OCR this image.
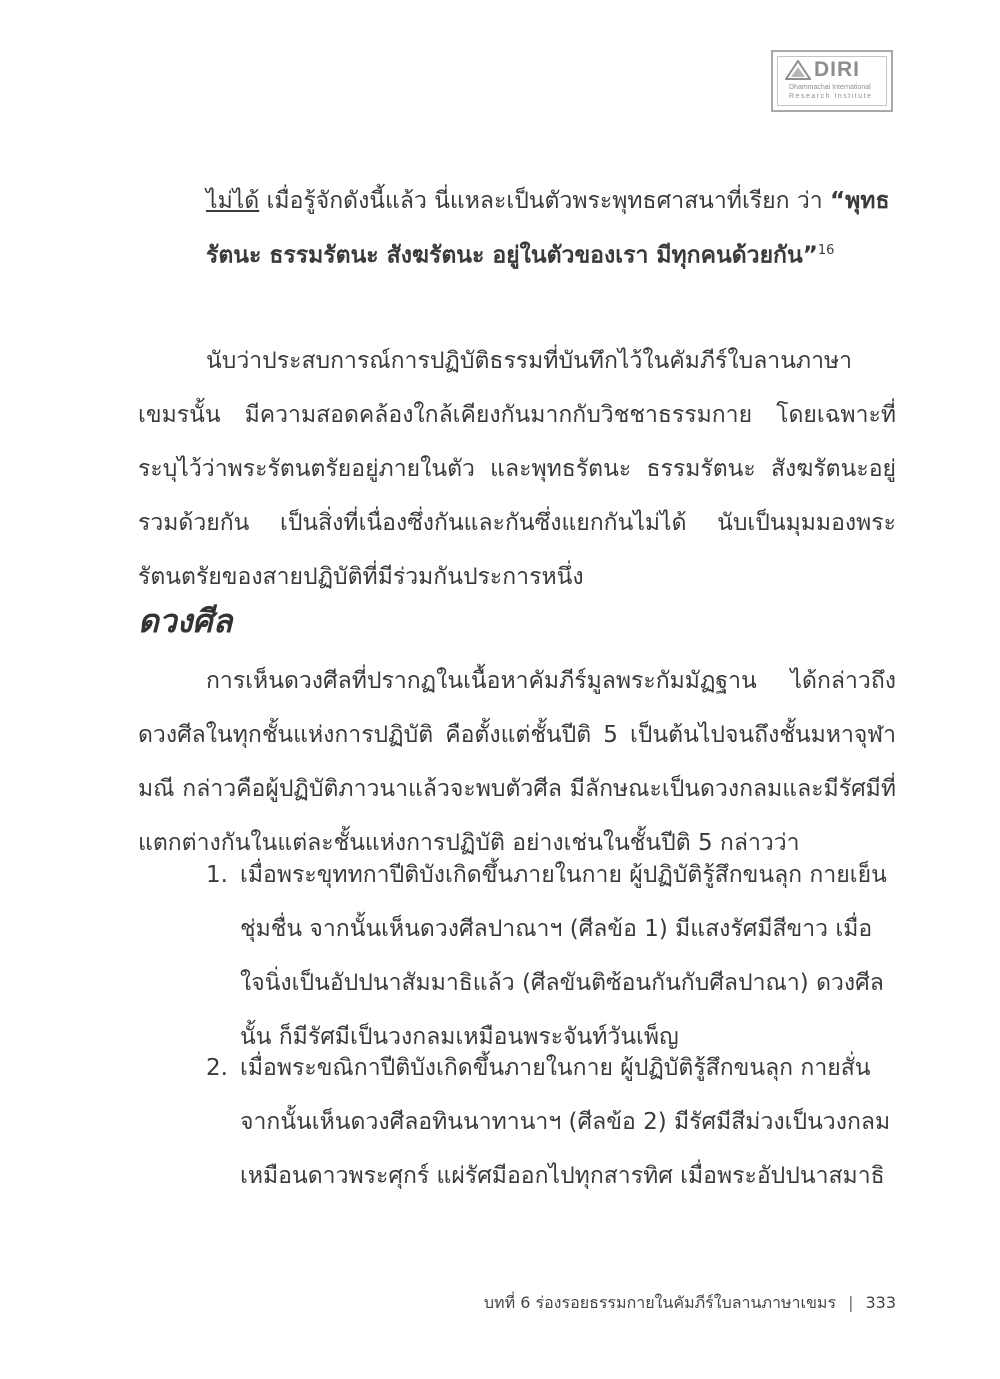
DIRI
Dhammachai International
Research Institute

ไม่ได้ เมื่อรู้จักดังนี้แล้ว นี่แหละเป็นตัวพระพุทธศาสนาที่เรียก ว่า “พุทธรัตนะ ธรรมรัตนะ สังฆรัตนะ อยู่ในตัวของเรา มีทุกคนด้วยกัน”$^{16}$

นับว่าประสบการณ์การปฏิบัติธรรมที่บันทึกไว้ในคัมภีร์ใบลานภาษาเขมรนั้น มีความสอดคล้องใกล้เคียงกันมากกับวิชชาธรรมกาย โดยเฉพาะที่ระบุไว้ว่าพระรัตนตรัยอยู่ภายในตัว และพุทธรัตนะ ธรรมรัตนะ สังฆรัตนะอยู่รวมด้วยกัน เป็นสิ่งที่เนื่องซึ่งกันและกันซึ่งแยกกันไม่ได้ นับเป็นมุมมองพระรัตนตรัยของสายปฏิบัติที่มีร่วมกันประการหนึ่ง

ดวงศีล

การเห็นดวงศีลที่ปรากฏในเนื้อหาคัมภีร์มูลพระกัมมัฏฐาน ได้กล่าวถึงดวงศีลในทุกชั้นแห่งการปฏิบัติ คือตั้งแต่ชั้นปีติ 5 เป็นต้นไปจนถึงชั้นมหาจุฬามณี กล่าวคือผู้ปฏิบัติภาวนาแล้วจะพบตัวศีล มีลักษณะเป็นดวงกลมและมีรัศมีที่แตกต่างกันในแต่ละชั้นแห่งการปฏิบัติ อย่างเช่นในชั้นปีติ 5 กล่าวว่า

1. เมื่อพระขุททกาปีติบังเกิดขึ้นภายในกาย ผู้ปฏิบัติรู้สึกขนลุก กายเย็นชุ่มชื่น จากนั้นเห็นดวงศีลปาณาฯ (ศีลข้อ 1) มีแสงรัศมีสีขาว เมื่อใจนิ่งเป็นอัปปนาสัมมาธิแล้ว (ศีลขันติซ้อนกันกับศีลปาณา) ดวงศีลนั้น ก็มีรัศมีเป็นวงกลมเหมือนพระจันท์วันเพ็ญ
2. เมื่อพระขณิกาปีติบังเกิดขึ้นภายในกาย ผู้ปฏิบัติรู้สึกขนลุก กายสั่นจากนั้นเห็นดวงศีลอทินนาทานาฯ (ศีลข้อ 2) มีรัศมีสีม่วงเป็นวงกลมเหมือนดาวพระศุกร์ แผ่รัศมีออกไปทุกสารทิศ เมื่อพระอัปปนาสมาธิ
บทที่ 6 ร่องรอยธรรมกายในคัมภีร์ใบลานภาษาเขมร | 333
